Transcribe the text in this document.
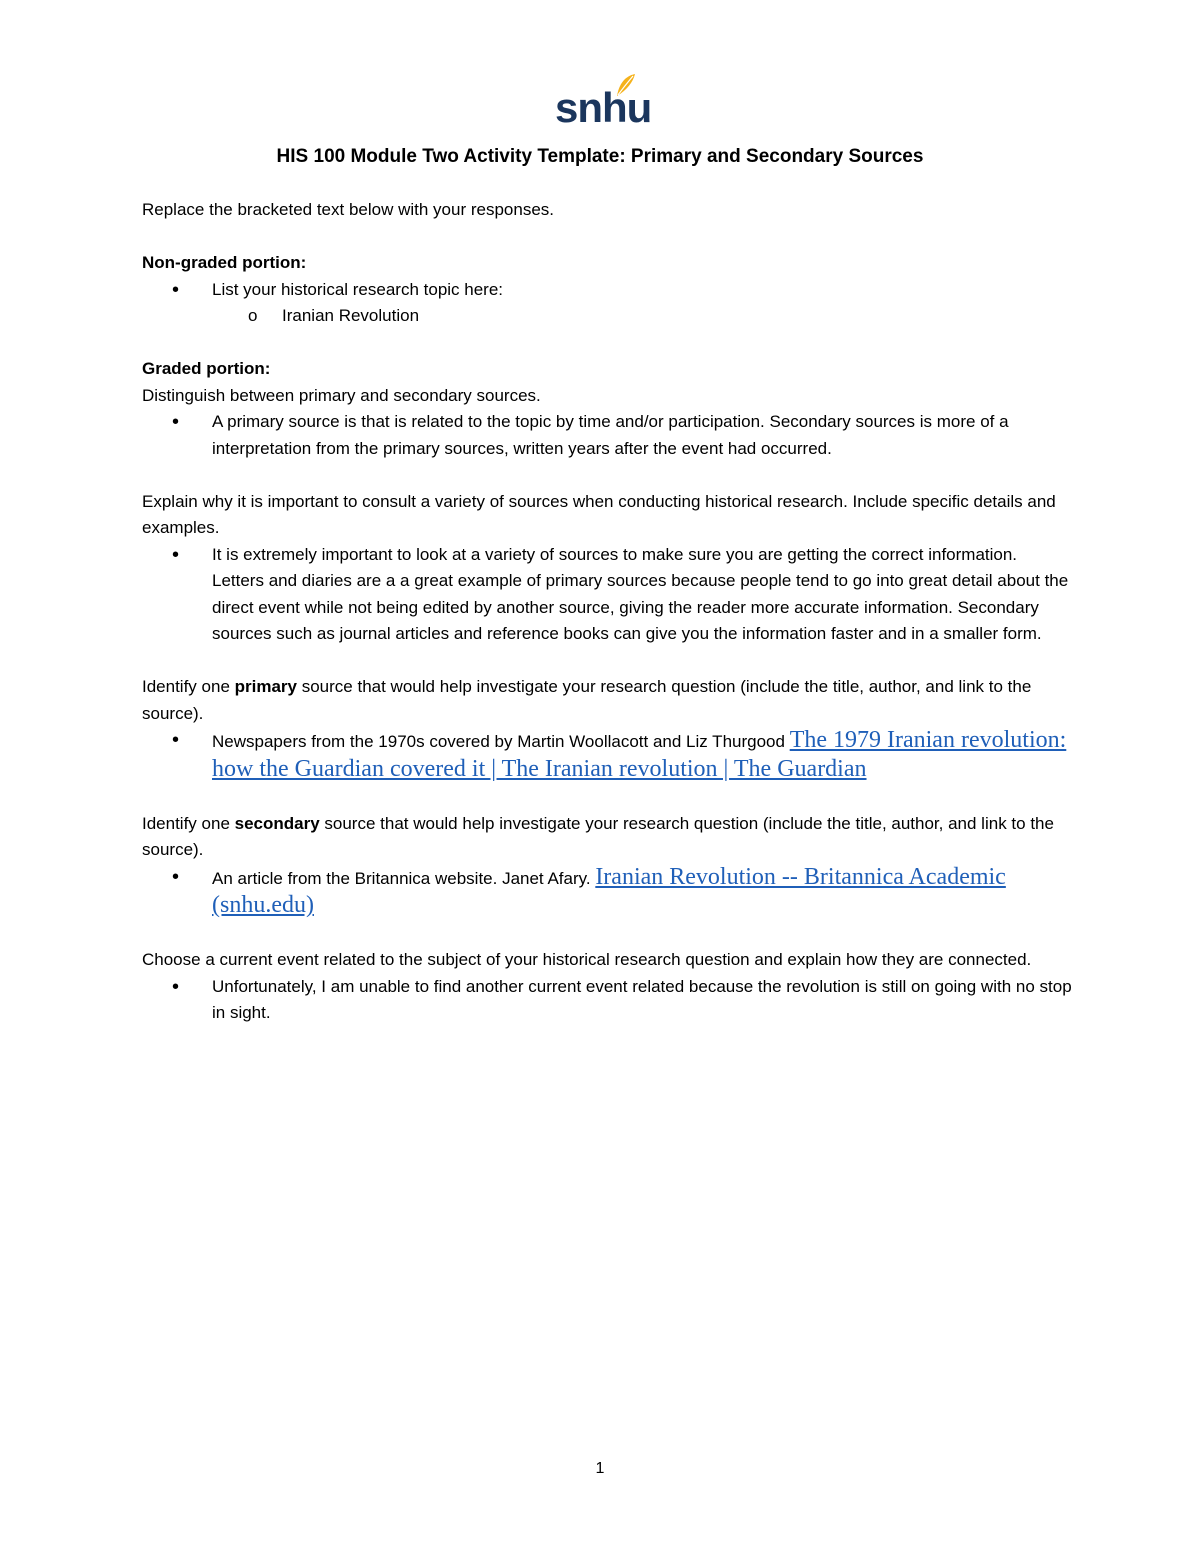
snhu
HIS 100 Module Two Activity Template: Primary and Secondary Sources

Replace the bracketed text below with your responses.

Non-graded portion:

• List your historical research topic here:
o Iranian Revolution

Graded portion:

Distinguish between primary and secondary sources.

• A primary source is that is related to the topic by time and/or participation. Secondary sources is more of a interpretation from the primary sources, written years after the event had occurred.

Explain why it is important to consult a variety of sources when conducting historical research. Include specific details and examples.

• It is extremely important to look at a variety of sources to make sure you are getting the correct information. Letters and diaries are a a great example of primary sources because people tend to go into great detail about the direct event while not being edited by another source, giving the reader more accurate information. Secondary sources such as journal articles and reference books can give you the information faster and in a smaller form.

Identify one primary source that would help investigate your research question (include the title, author, and link to the source).

• Newspapers from the 1970s covered by Martin Woollacott and Liz Thurgood The 1979 Iranian revolution: how the Guardian covered it | The Iranian revolution | The Guardian

Identify one secondary source that would help investigate your research question (include the title, author, and link to the source).

• An article from the Britannica website. Janet Afary. Iranian Revolution -- Britannica Academic (snhu.edu)

Choose a current event related to the subject of your historical research question and explain how they are connected.

• Unfortunately, I am unable to find another current event related because the revolution is still on going with no stop in sight.
1
